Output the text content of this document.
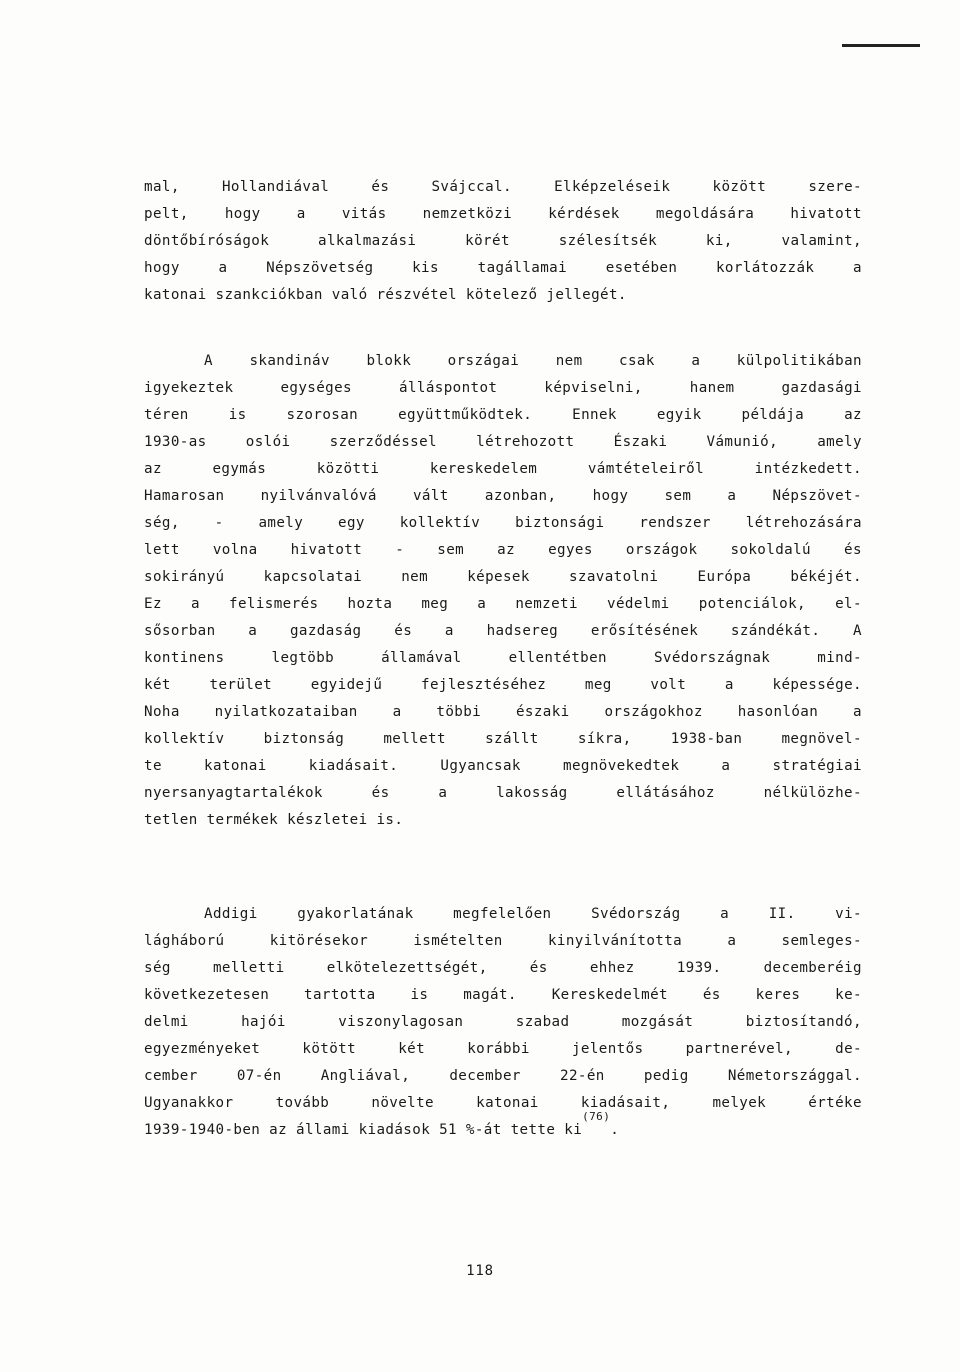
mal,	Hollandiával	és	Svájccal.	Elképzeléseik	között	szere-
pelt,	hogy	a	vitás	nemzetközi	kérdések	megoldására	hivatott
döntőbíróságok	alkalmazási	körét	szélesítsék	ki,	valamint,
hogy	a	Népszövetség	kis	tagállamai	esetében	korlátozzák	a
katonai szankciókban való részvétel kötelező jellegét.
A	skandináv	blokk	országai	nem	csak	a	külpolitikában
igyekeztek	egységes	álláspontot	képviselni,	hanem	gazdasági
téren	is	szorosan	együttműködtek.	Ennek	egyik	példája	az
1930-as	oslói	szerződéssel	létrehozott	Északi	Vámunió,	amely
az	egymás	közötti	kereskedelem	vámtételeiről	intézkedett.
Hamarosan	nyilvánvalóvá	vált	azonban,	hogy	sem	a	Népszövet-
ség, - amely egy kollektív biztonsági rendszer létrehozására
lett volna hivatott - sem az egyes országok sokoldalú és
sokirányú	kapcsolatai	nem	képesek	szavatolni	Európa	békéjét.
Ez a felismerés hozta meg a nemzeti védelmi potenciálok, el-
sősorban a gazdaság és a hadsereg erősítésének szándékát. A
kontinens	legtöbb	államával	ellentétben	Svédországnak	mind-
két	terület	egyidejű	fejlesztéséhez	meg	volt	a	képessége.
Noha nyilatkozataiban a többi északi országokhoz hasonlóan a
kollektív	biztonság	mellett	szállt	síkra,	1938-ban	megnövel-
te	katonai	kiadásait.	Ugyancsak	megnövekedtek	a	stratégiai
nyersanyagtartalékok	és	a	lakosság	ellátásához	nélkülözhe-
tetlen termékek készletei is.
Addigi	gyakorlatának	megfelelően	Svédország	a	II.	vi-
lágháború	kitörésekor	ismételten	kinyilvánította	a	semleges-
ség	melletti	elkötelezettségét,	és	ehhez	1939.	decemberéig
következetesen tartotta is magát. Kereskedelmét és keres ke-
delmi	hajói	viszonylagosan	szabad	mozgását	biztosítandó,
egyezményeket	kötött	két	korábbi	jelentős	partnerével,	de-
cember	07-én	Angliával,	december	22-én	pedig	Németországgal.
Ugyanakkor	tovább	növelte	katonai	kiadásait,	melyek	értéke
1939-1940-ben az állami kiadások 51 %-át tette ki
(76)
.
118
